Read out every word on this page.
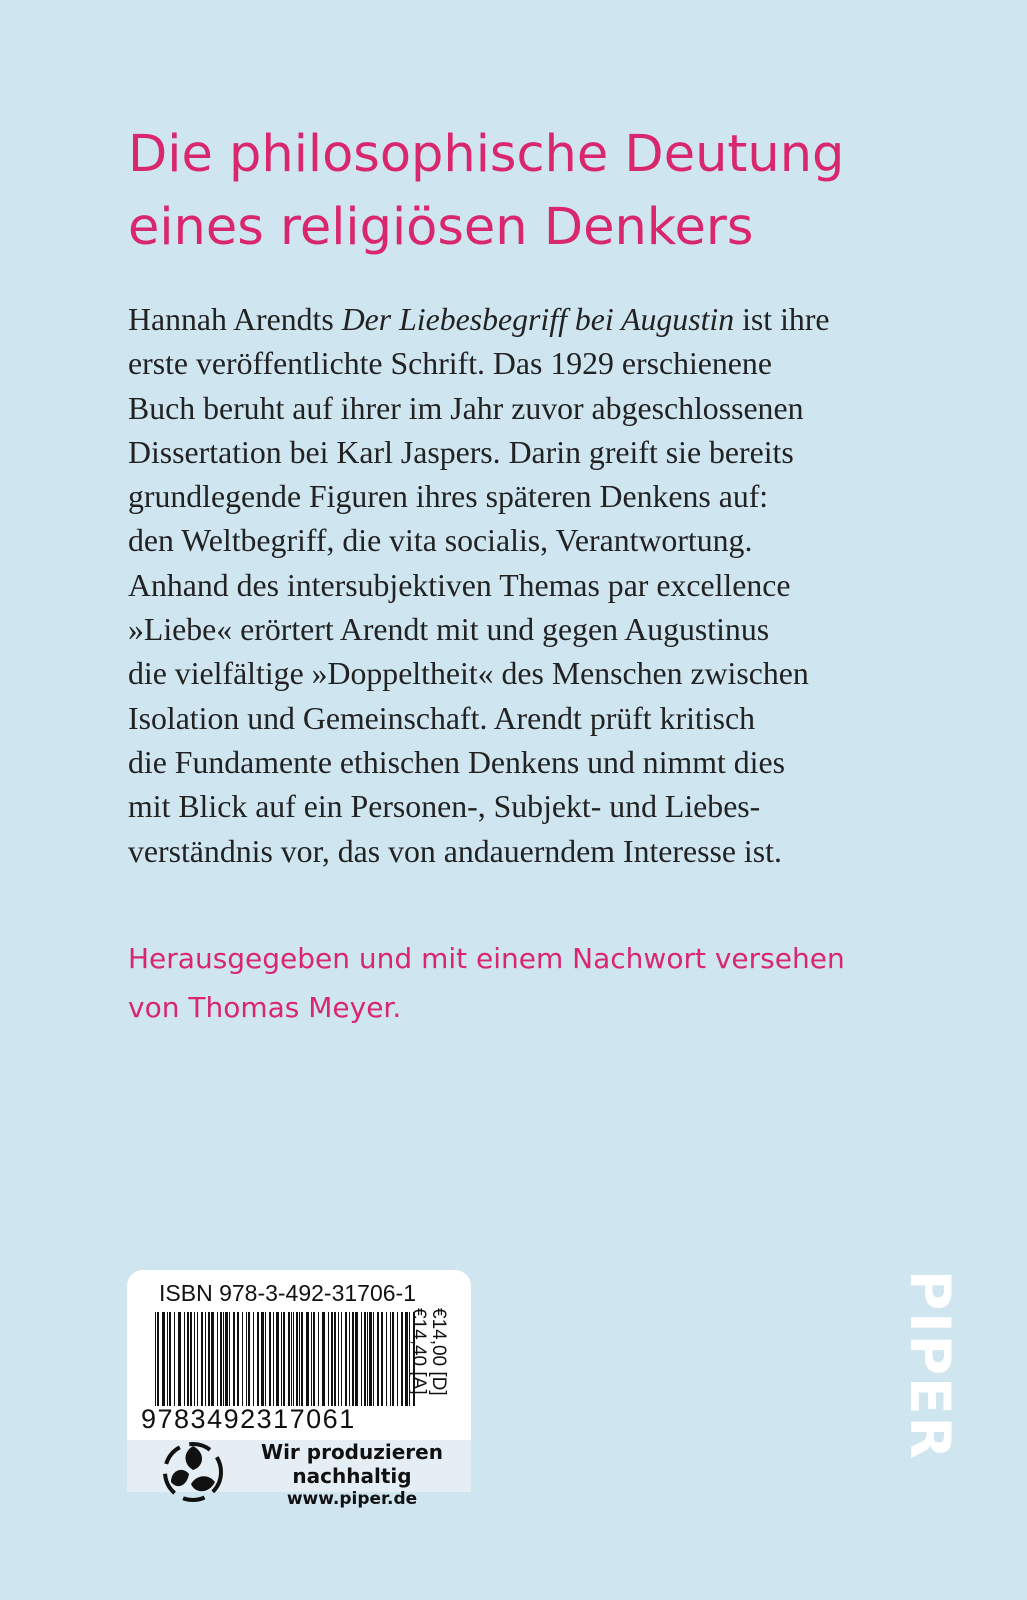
Die philosophische Deutung
eines religiösen Denkers
Hannah Arendts Der Liebesbegriff bei Augustin ist ihre
erste veröffentlichte Schrift. Das 1929 erschienene
Buch beruht auf ihrer im Jahr zuvor abgeschlossenen
Dissertation bei Karl Jaspers. Darin greift sie bereits
grundlegende Figuren ihres späteren Denkens auf:
den Weltbegriff, die vita socialis, Verantwortung.
Anhand des intersubjektiven Themas par excellence
»Liebe« erörtert Arendt mit und gegen Augustinus
die vielfältige »Doppeltheit« des Menschen zwischen
Isolation und Gemeinschaft. Arendt prüft kritisch
die Fundamente ethischen Denkens und nimmt dies
mit Blick auf ein Personen-, Subjekt- und Liebes-
verständnis vor, das von andauerndem Interesse ist.
Herausgegeben und mit einem Nachwort versehen
von Thomas Meyer.
ISBN 978-3-492-31706-1
9783492317061
€14,00 [D]
€14,40 [A]
Wir produzieren
nachhaltig
www.piper.de
PIPER
